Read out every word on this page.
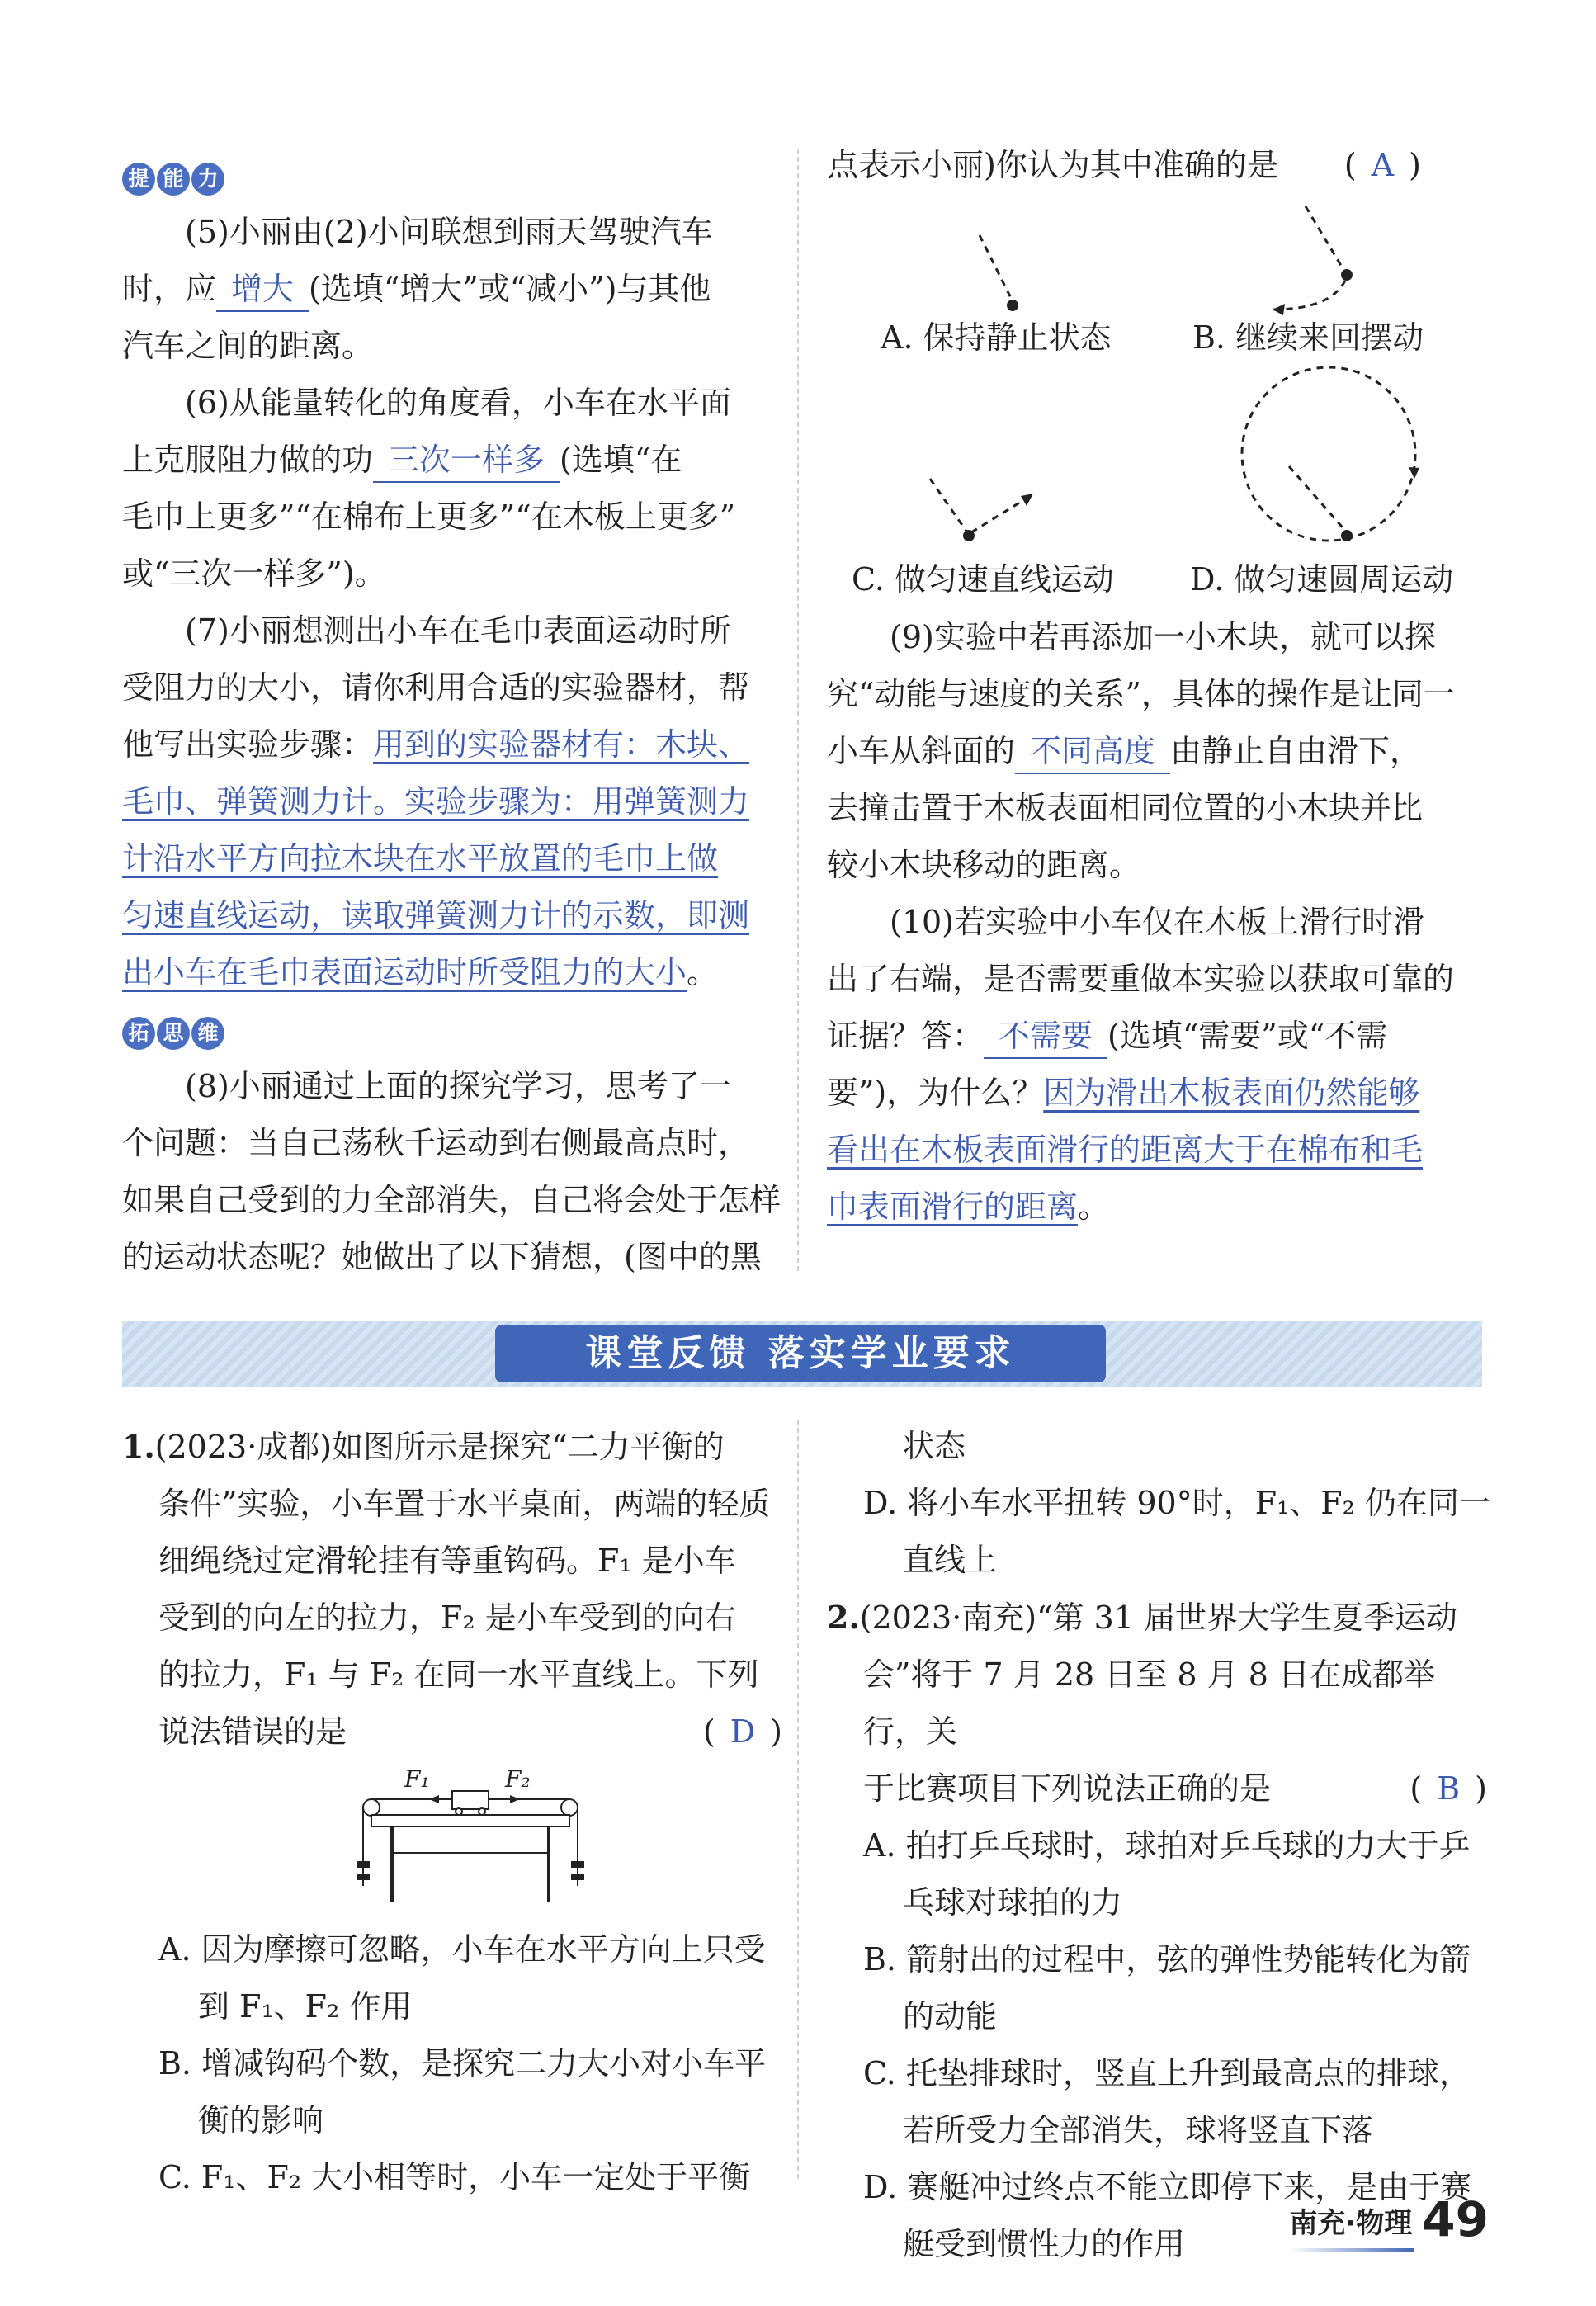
提 能 力

(5)小丽由(2)小问联想到雨天驾驶汽车

时，应 增大 (选填“增大”或“减小”)与其他

汽车之间的距离。

(6)从能量转化的角度看，小车在水平面

上克服阻力做的功 三次一样多 (选填“在

毛巾上更多”“在棉布上更多”“在木板上更多”

或“三次一样多”)。

(7)小丽想测出小车在毛巾表面运动时所

受阻力的大小，请你利用合适的实验器材，帮

他写出实验步骤：用到的实验器材有：木块、

毛巾、弹簧测力计。实验步骤为：用弹簧测力

计沿水平方向拉木块在水平放置的毛巾上做

匀速直线运动，读取弹簧测力计的示数，即测

出小车在毛巾表面运动时所受阻力的大小。

拓 思 维

(8)小丽通过上面的探究学习，思考了一

个问题：当自己荡秋千运动到右侧最高点时，

如果自己受到的力全部消失，自己将会处于怎样

的运动状态呢？她做出了以下猜想，(图中的黑

点表示小丽)你认为其中准确的是 ( A )

A. 保持静止状态	B. 继续来回摆动
C. 做匀速直线运动 D. 做匀速圆周运动

(9)实验中若再添加一小木块，就可以探

究“动能与速度的关系”，具体的操作是让同一

小车从斜面的 不同高度 由静止自由滑下，

去撞击置于木板表面相同位置的小木块并比

较小木块移动的距离。

(10)若实验中小车仅在木板上滑行时滑

出了右端，是否需要重做本实验以获取可靠的

证据？答： 不需要 (选填“需要”或“不需

要”)，为什么？因为滑出木板表面仍然能够

看出在木板表面滑行的距离大于在棉布和毛

巾表面滑行的距离。

课堂反馈 落实学业要求

1.(2023·成都)如图所示是探究“二力平衡的

条件”实验，小车置于水平桌面，两端的轻质

细绳绕过定滑轮挂有等重钩码。F₁ 是小车

受到的向左的拉力，F₂ 是小车受到的向右

的拉力，F₁ 与 F₂ 在同一水平直线上。下列

说法错误的是	( D )

F₁	F₂

A. 因为摩擦可忽略，小车在水平方向上只受

到 F₁、F₂ 作用

B. 增减钩码个数，是探究二力大小对小车平

衡的影响

C. F₁、F₂ 大小相等时，小车一定处于平衡

状态

D. 将小车水平扭转 90°时，F₁、F₂ 仍在同一

直线上

2.(2023·南充)“第 31 届世界大学生夏季运动

会”将于 7 月 28 日至 8 月 8 日在成都举行，关

于比赛项目下列说法正确的是	( B )

A. 拍打乒乓球时，球拍对乒乓球的力大于乒

乓球对球拍的力

B. 箭射出的过程中，弦的弹性势能转化为箭

的动能

C. 托垫排球时，竖直上升到最高点的排球，

若所受力全部消失，球将竖直下落

D. 赛艇冲过终点不能立即停下来，是由于赛

艇受到惯性力的作用

南充·物理 49
